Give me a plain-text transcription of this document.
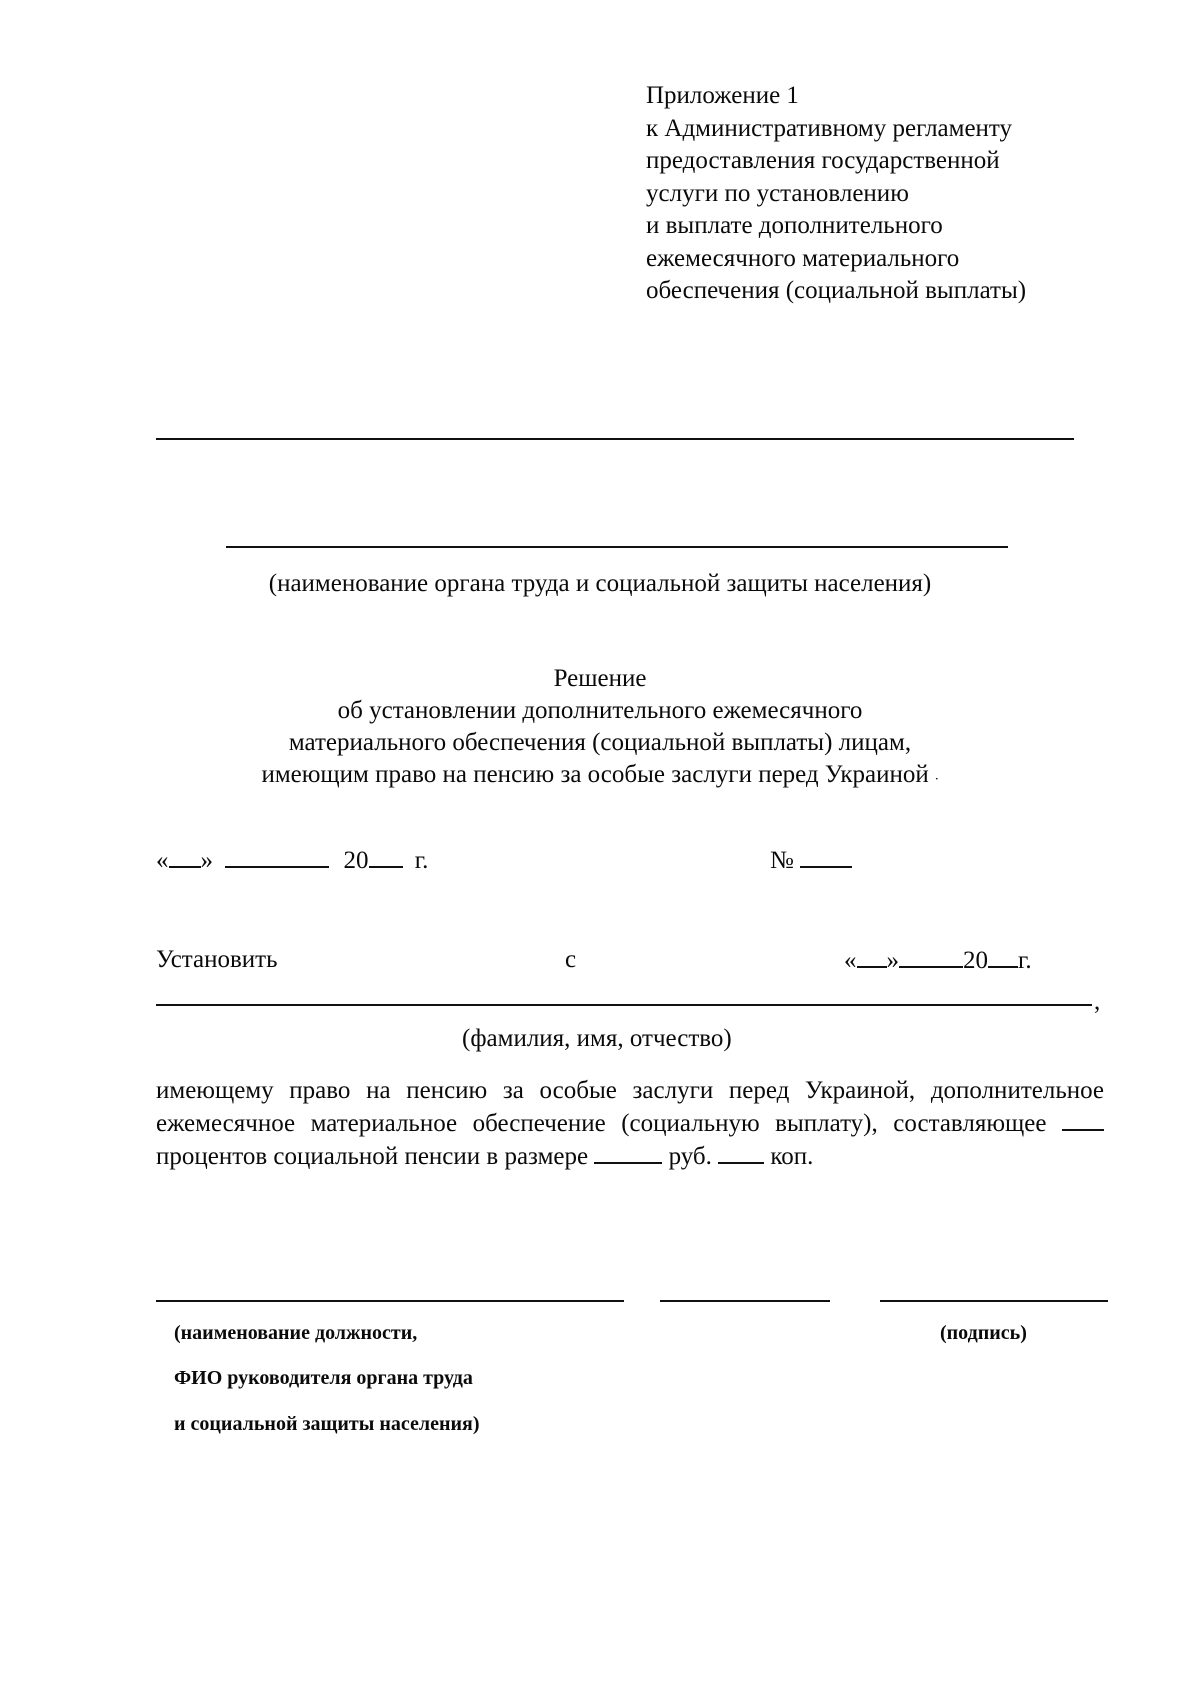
Приложение 1
к Административному регламенту
предоставления государственной
услуги по установлению
и выплате дополнительного
ежемесячного материального
обеспечения (социальной выплаты)
(наименование органа труда и социальной защиты населения)
Решение
об установлении дополнительного ежемесячного
материального обеспечения (социальной выплаты) лицам,
имеющим право на пенсию за особые заслуги перед Украиной .
« »	20 г.	№
Установить	с	« »	20 г.
,
(фамилия, имя, отчество)
имеющему право на пенсию за особые заслуги перед Украиной, дополнительное ежемесячное материальное обеспечение (социальную выплату), составляющее  процентов социальной пенсии в размере	руб. коп.
(наименование должности,	(подпись)
ФИО руководителя органа труда
и социальной защиты населения)
